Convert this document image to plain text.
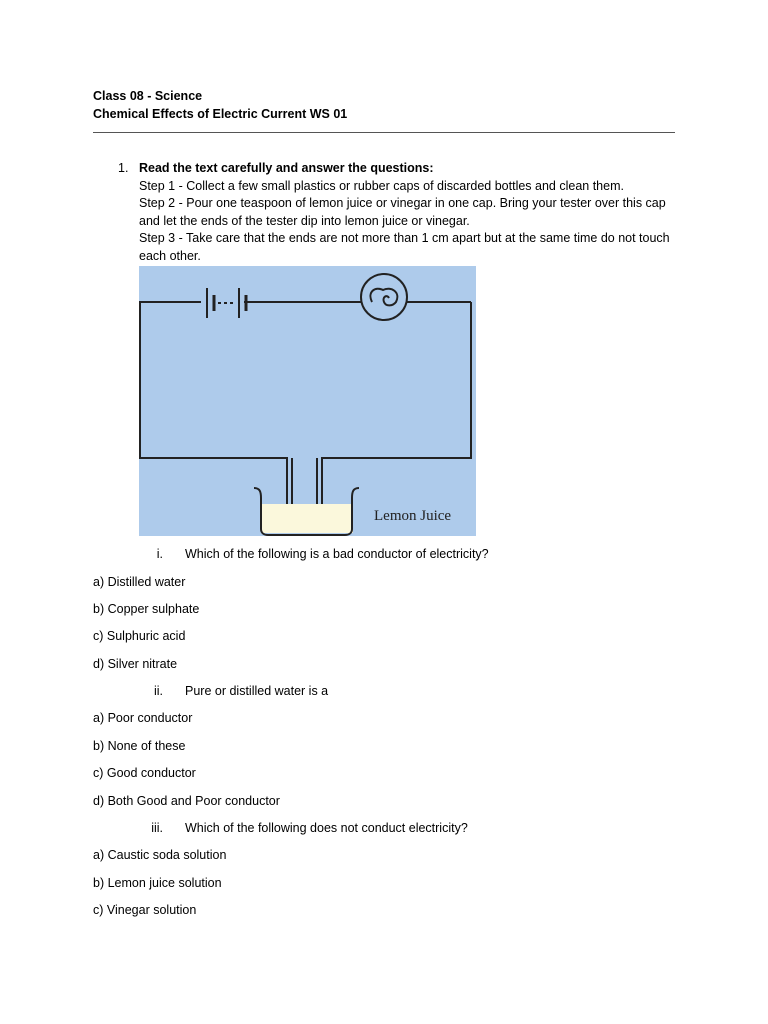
Class 08 - Science
Chemical Effects of Electric Current WS 01
1. Read the text carefully and answer the questions:
Step 1 - Collect a few small plastics or rubber caps of discarded bottles and clean them.
Step 2 - Pour one teaspoon of lemon juice or vinegar in one cap. Bring your tester over this cap and let the ends of the tester dip into lemon juice or vinegar.
Step 3 - Take care that the ends are not more than 1 cm apart but at the same time do not touch each other.
Lemon Juice
i. Which of the following is a bad conductor of electricity?
a) Distilled water
b) Copper sulphate
c) Sulphuric acid
d) Silver nitrate
ii. Pure or distilled water is a
a) Poor conductor
b) None of these
c) Good conductor
d) Both Good and Poor conductor
iii. Which of the following does not conduct electricity?
a) Caustic soda solution
b) Lemon juice solution
c) Vinegar solution
